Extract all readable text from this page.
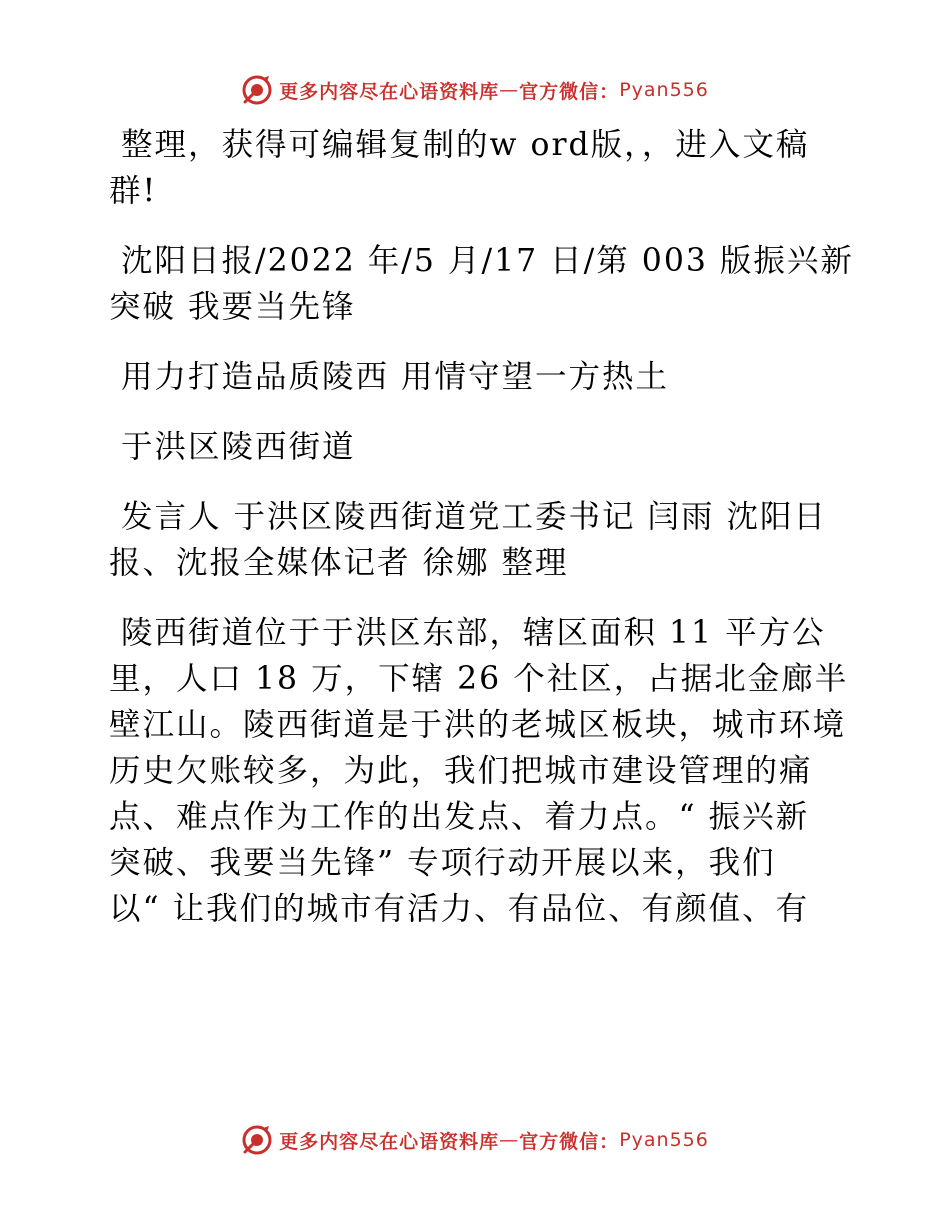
更多内容尽在心语资料库 — 官方微信： Pyan556
整理，获得可编辑复制的w ord版，，进入文稿
群!
沈阳日报/2022 年/5 月/17 日/第 003 版振兴新
突破 我要当先锋
用力打造品质陵西 用情守望一方热土
于洪区陵西街道
发言人 于洪区陵西街道党工委书记 闫雨 沈阳日
报、沈报全媒体记者 徐娜 整理
陵西街道位于于洪区东部，辖区面积 11 平方公
里，人口 18 万，下辖 26 个社区，占据北金廊半
壁江山。陵西街道是于洪的老城区板块，城市环境
历史欠账较多，为此，我们把城市建设管理的痛
点、难点作为工作的出发点、着力点。“ 振兴新
突破、我要当先锋” 专项行动开展以来，我们
以“ 让我们的城市有活力、有品位、有颜值、有
更多内容尽在心语资料库 — 官方微信： Pyan556
